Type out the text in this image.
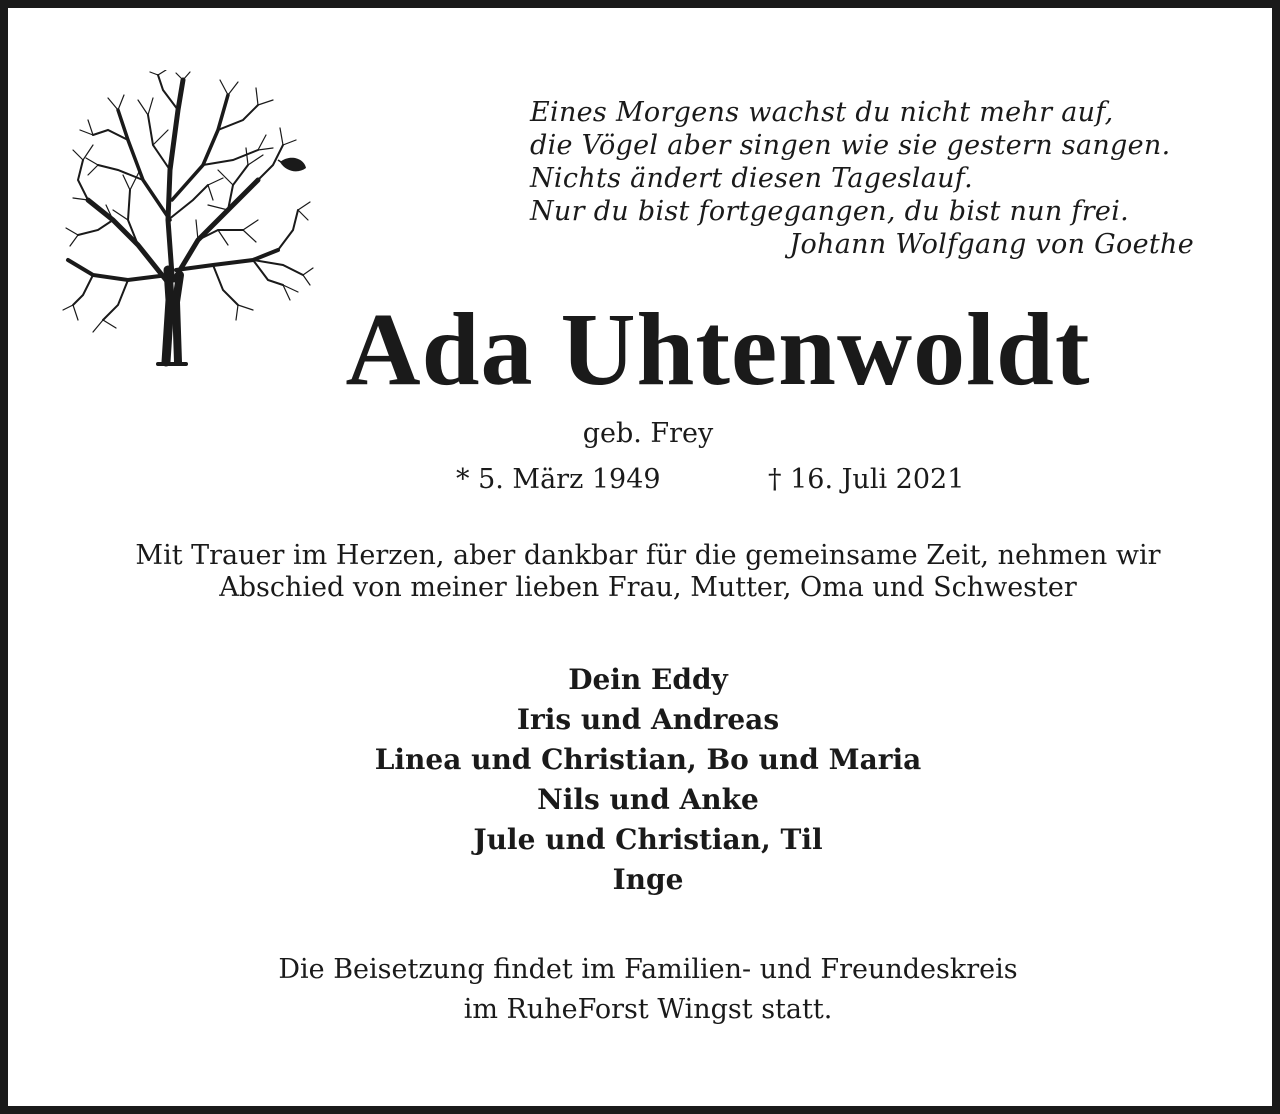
Eines Morgens wachst du nicht mehr auf,
die Vögel aber singen wie sie gestern sangen.
Nichts ändert diesen Tageslauf.
Nur du bist fortgegangen, du bist nun frei.
Johann Wolfgang von Goethe
Ada Uhtenwoldt
geb. Frey
* 5. März 1949	† 16. Juli 2021
Mit Trauer im Herzen, aber dankbar für die gemeinsame Zeit, nehmen wir
Abschied von meiner lieben Frau, Mutter, Oma und Schwester
Dein Eddy
Iris und Andreas
Linea und Christian, Bo und Maria
Nils und Anke
Jule und Christian, Til
Inge
Die Beisetzung findet im Familien- und Freundeskreis
im RuheForst Wingst statt.
